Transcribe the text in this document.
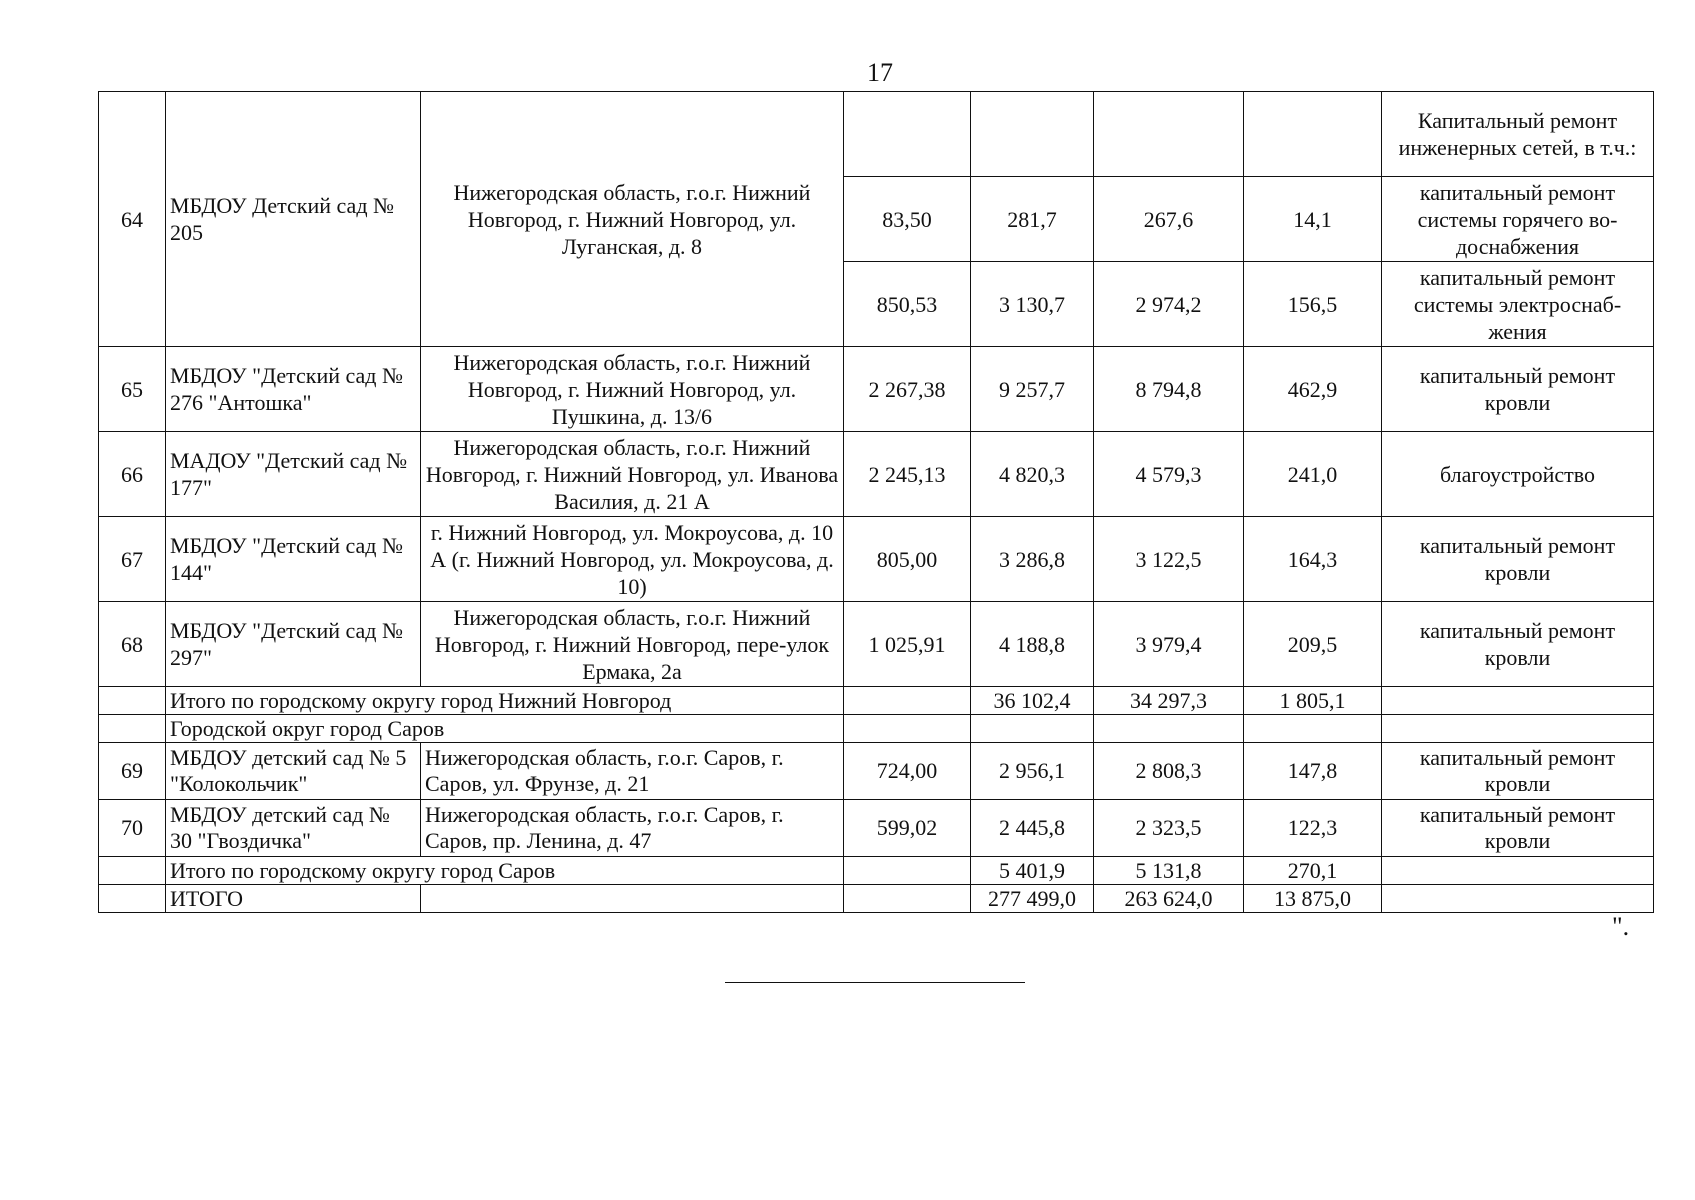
17
64	МБДОУ Детский сад № 205	Нижегородская область, г.о.г. Нижний Новгород, г. Нижний Новгород, ул. Луганская, д. 8					Капитальный ремонт инженерных сетей, в т.ч.:
			83,50	281,7	267,6	14,1	капитальный ремонт системы горячего во-доснабжения
			850,53	3 130,7	2 974,2	156,5	капитальный ремонт системы электроснаб-жения
65	МБДОУ "Детский сад № 276 "Антошка"	Нижегородская область, г.о.г. Нижний Новгород, г. Нижний Новгород, ул. Пушкина, д. 13/6	2 267,38	9 257,7	8 794,8	462,9	капитальный ремонт кровли
66	МАДОУ "Детский сад № 177"	Нижегородская область, г.о.г. Нижний Новгород, г. Нижний Новгород, ул. Иванова Василия, д. 21 А	2 245,13	4 820,3	4 579,3	241,0	благоустройство
67	МБДОУ "Детский сад № 144"	г. Нижний Новгород, ул. Мокроусова, д. 10 А (г. Нижний Новгород, ул. Мокроусова, д. 10)	805,00	3 286,8	3 122,5	164,3	капитальный ремонт кровли
68	МБДОУ "Детский сад № 297"	Нижегородская область, г.о.г. Нижний Новгород, г. Нижний Новгород, пере-улок Ермака, 2а	1 025,91	4 188,8	3 979,4	209,5	капитальный ремонт кровли
	Итого по городскому округу город Нижний Новгород			36 102,4	34 297,3	1 805,1	
	Городской округ город Саров						
69	МБДОУ детский сад № 5 "Колокольчик"	Нижегородская область, г.о.г. Саров, г. Саров, ул. Фрунзе, д. 21	724,00	2 956,1	2 808,3	147,8	капитальный ремонт кровли
70	МБДОУ детский сад № 30 "Гвоздичка"	Нижегородская область, г.о.г. Саров, г. Саров, пр. Ленина, д. 47	599,02	2 445,8	2 323,5	122,3	капитальный ремонт кровли
	Итого по городскому округу город Саров			5 401,9	5 131,8	270,1	
	ИТОГО			277 499,0	263 624,0	13 875,0	
".
